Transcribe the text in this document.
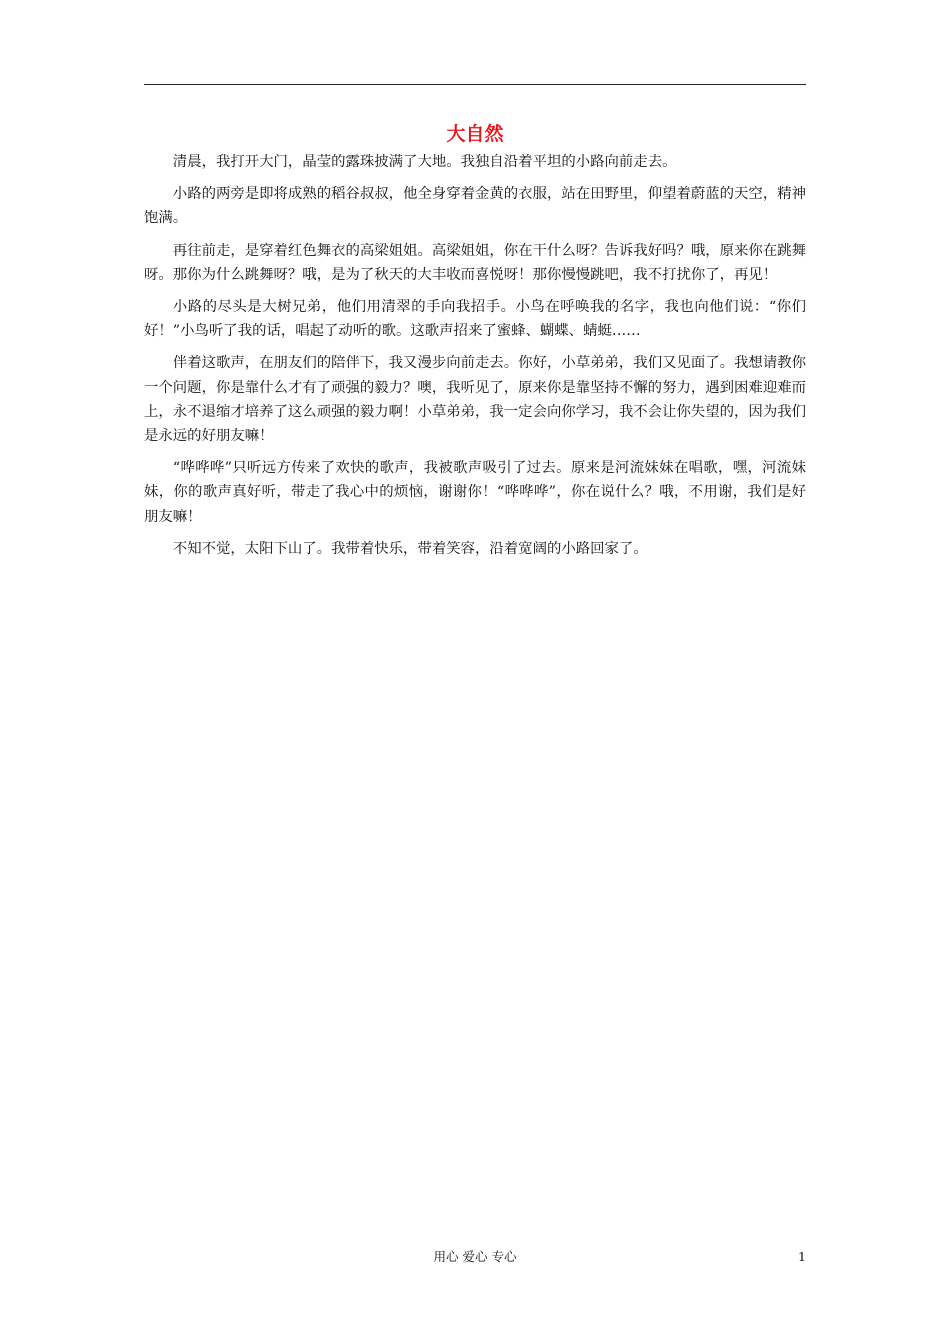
大自然

清晨，我打开大门，晶莹的露珠披满了大地。我独自沿着平坦的小路向前走去。

小路的两旁是即将成熟的稻谷叔叔，他全身穿着金黄的衣服，站在田野里，仰望着蔚蓝的天空，精神饱满。

再往前走，是穿着红色舞衣的高梁姐姐。高梁姐姐，你在干什么呀？告诉我好吗？哦，原来你在跳舞呀。那你为什么跳舞呀？哦，是为了秋天的大丰收而喜悦呀！那你慢慢跳吧，我不打扰你了，再见！

小路的尽头是大树兄弟，他们用清翠的手向我招手。小鸟在呼唤我的名字，我也向他们说：“你们好！”小鸟听了我的话，唱起了动听的歌。这歌声招来了蜜蜂、蝴蝶、蜻蜓……

伴着这歌声，在朋友们的陪伴下，我又漫步向前走去。你好，小草弟弟，我们又见面了。我想请教你一个问题，你是靠什么才有了顽强的毅力？噢，我听见了，原来你是靠坚持不懈的努力，遇到困难迎难而上，永不退缩才培养了这么顽强的毅力啊！小草弟弟，我一定会向你学习，我不会让你失望的，因为我们是永远的好朋友嘛！

“哗哗哗”只听远方传来了欢快的歌声，我被歌声吸引了过去。原来是河流妹妹在唱歌，嘿，河流妹妹，你的歌声真好听，带走了我心中的烦恼，谢谢你！“哗哗哗”，你在说什么？哦，不用谢，我们是好朋友嘛！

不知不觉，太阳下山了。我带着快乐，带着笑容，沿着宽阔的小路回家了。

用心 爱心 专心	1
